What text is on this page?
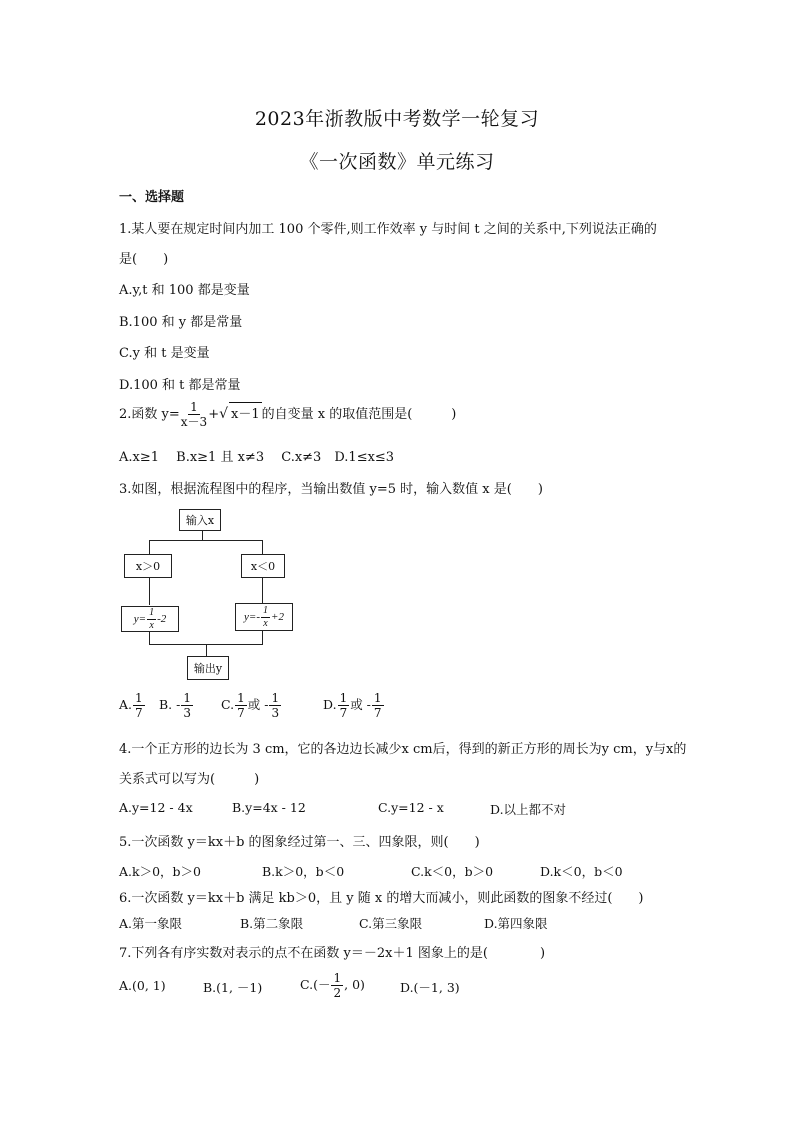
2023年浙教版中考数学一轮复习
《一次函数》单元练习
一、选择题
1.某人要在规定时间内加工 100 个零件,则工作效率 y 与时间 t 之间的关系中,下列说法正确的
是(　　)
A.y,t 和 100 都是变量
B.100 和 y 都是常量
C.y 和 t 是变量
D.100 和 t 都是常量
2.函数 $y= \frac{1}{x-3}$ +√ x－1 的自变量 x 的取值范围是(　　　)
A.x≥1　 B.x≥1 且 x≠3　 C.x≠3　D.1≤x≤3
3.如图，根据流程图中的程序，当输出数值 y=5 时，输入数值 x 是(　　)
输入x
x＞0	x＜0
$y= \frac{1}{x} -2$	$y=- \frac{1}{x} +2$
输出y
A. $\frac{1}{7} B$. - $\frac{1}{3} C$. $\frac{1}{7}$ 或 - $\frac{1}{3}$	D. $\frac{1}{7}$ 或 - $\frac{1}{7}$
4.一个正方形的边长为 3 cm，它的各边边长减少x cm后，得到的新正方形的周长为y cm，y与x的
关系式可以写为(　　　)
A.y=12 - 4x	B.y=4x - 12	C.y=12 - x	D.以上都不对
5.一次函数 y＝kx＋b 的图象经过第一、三、四象限，则(　　)
A.k＞0，b＞0	B.k＞0，b＜0	C.k＜0，b＞0	D.k＜0，b＜0
6.一次函数 y＝kx＋b 满足 kb＞0，且 y 随 x 的增大而减小，则此函数的图象不经过(　　)
A.第一象限	B.第二象限	C.第三象限	D.第四象限
7.下列各有序实数对表示的点不在函数 y＝－2x＋1 图象上的是(　　　　)
A.(0, 1)	B.(1, －1)	$C.(- \frac{1}{2}$ , 0)	D.(－1, 3)
